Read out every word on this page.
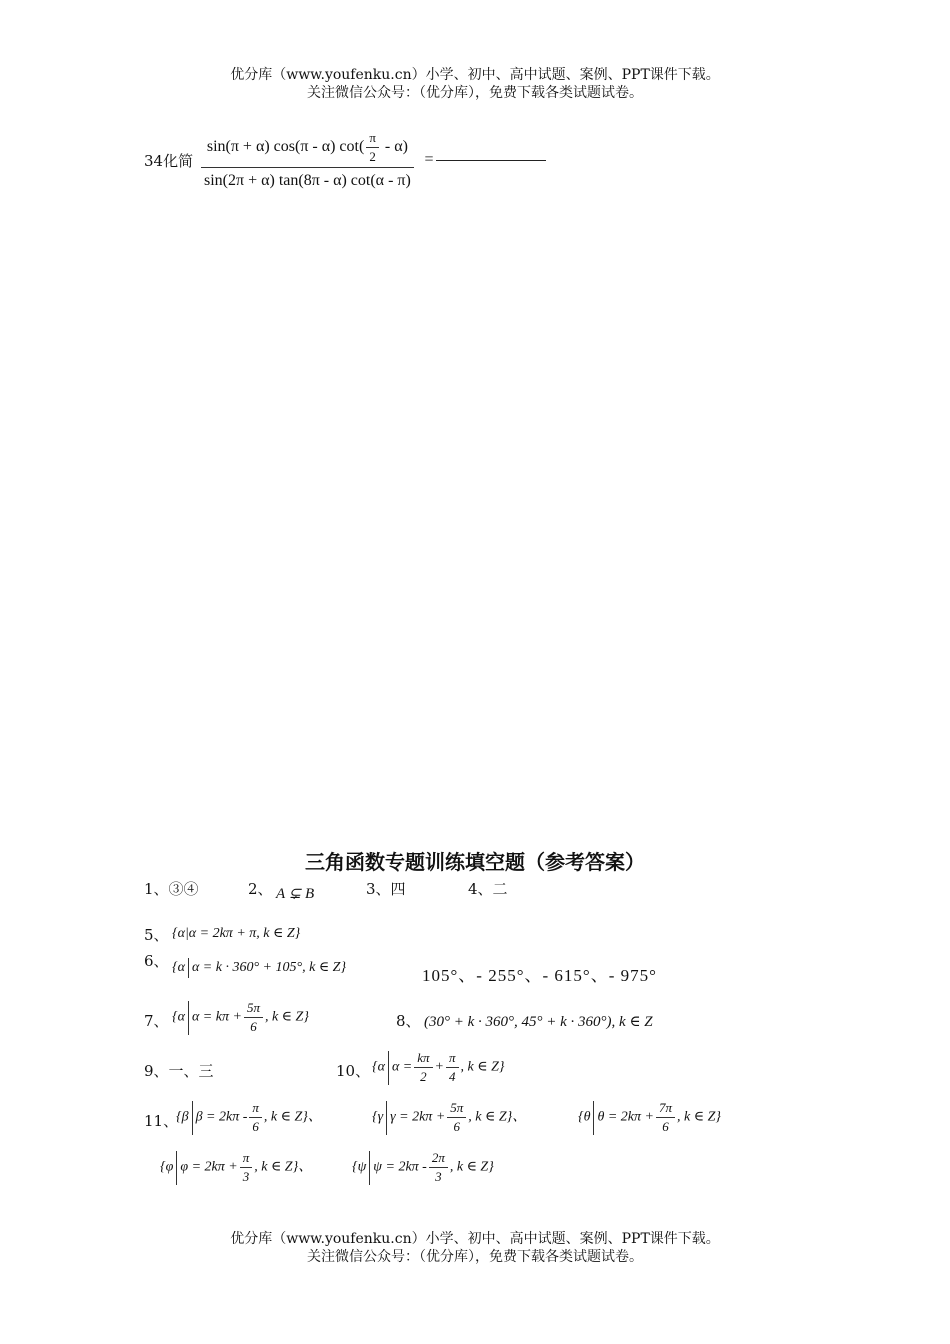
优分库（www.youfenku.cn）小学、初中、高中试题、案例、PPT课件下载。
关注微信公众号：（优分库），免费下载各类试题试卷。
34化简 $\frac{\sin(\pi + \alpha) \cos(\pi - \alpha) \cot( \frac{\pi}{2} - \alpha)}{\sin(2\pi + \alpha) \tan(8\pi - \alpha) \cot(\alpha - \pi)}$ =
三角函数专题训练填空题（参考答案）
1、③④	2、 A ⊊ B	3、四	4、二
5、 {α|α = 2kπ + π, k ∈ Z}
6、 {α α = k · 360° + 105°, k ∈ Z}	105°、- 255°、- 615°、- 975°
7、 {α $\alpha = k\pi + \frac{5\pi}{6}$ , k ∈ Z}	8、 (30° + k · 360°, 45° + k · 360°), k ∈ Z
9、一、三	10、 {α $\alpha = \frac{k\pi}{2} + \frac{\pi}{4}$ , k ∈ Z}
11、
{β $\beta = 2k\pi - \frac{\pi}{6}$ , k ∈ Z}、	{γ $\gamma = 2k\pi + \frac{5\pi}{6}$ , k ∈ Z}、	{θ $\theta = 2k\pi + \frac{7\pi}{6}$ , k ∈ Z}
{φ $\varphi = 2k\pi + \frac{\pi}{3}$ , k ∈ Z}、	{ψ $\psi = 2k\pi - \frac{2\pi}{3}$ , k ∈ Z}
优分库（www.youfenku.cn）小学、初中、高中试题、案例、PPT课件下载。
关注微信公众号：（优分库），免费下载各类试题试卷。
